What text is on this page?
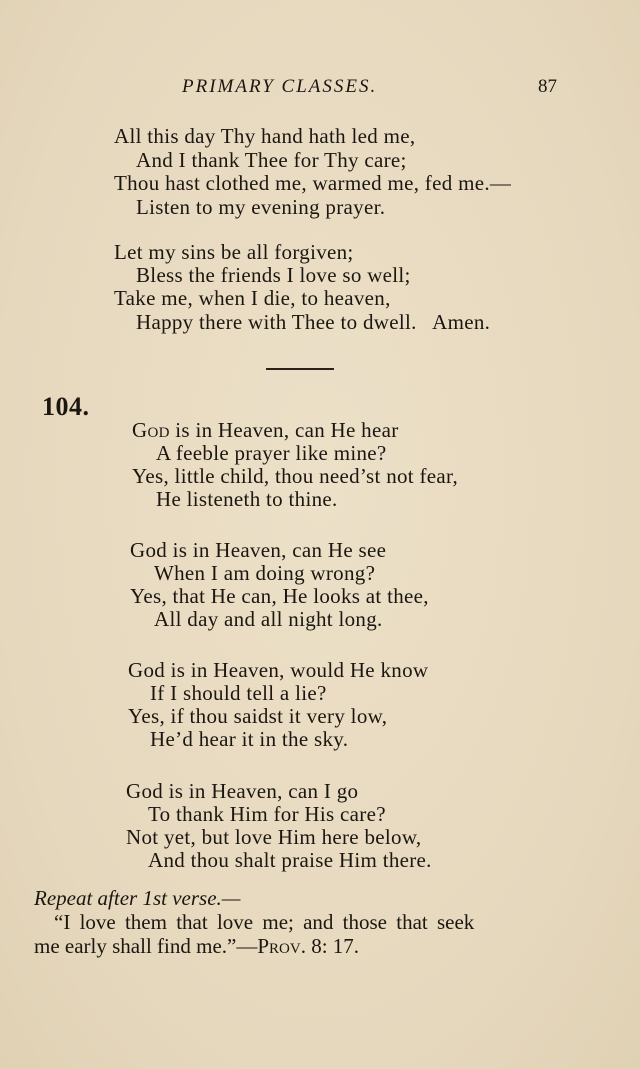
PRIMARY CLASSES.	87
All this day Thy hand hath led me,
And I thank Thee for Thy care;
Thou hast clothed me, warmed me, fed me.—
Listen to my evening prayer.
Let my sins be all forgiven;
Bless the friends I love so well;
Take me, when I die, to heaven,
Happy there with Thee to dwell.   Amen.
104.
God is in Heaven, can He hear
A feeble prayer like mine?
Yes, little child, thou need’st not fear,
He listeneth to thine.
God is in Heaven, can He see
When I am doing wrong?
Yes, that He can, He looks at thee,
All day and all night long.
God is in Heaven, would He know
If I should tell a lie?
Yes, if thou saidst it very low,
He’d hear it in the sky.
God is in Heaven, can I go
To thank Him for His care?
Not yet, but love Him here below,
And thou shalt praise Him there.
Repeat after 1st verse.—
“I love them that love me; and those that seek
me early shall find me.”—Prov. 8: 17.
